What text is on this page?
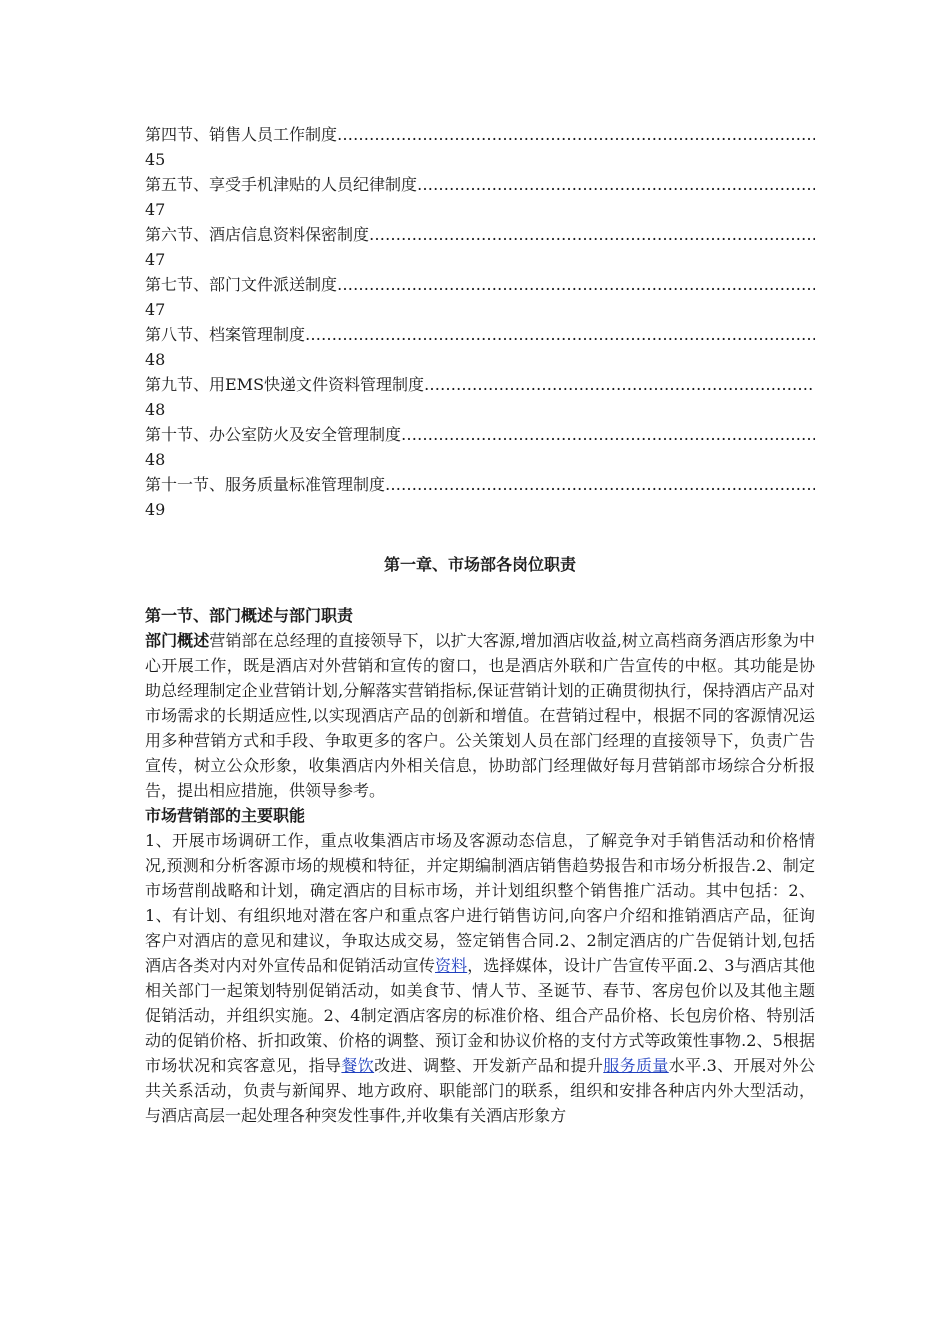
第四节、销售人员工作制度
……………………………………………………………………………………………………………………………………
45
第五节、享受手机津贴的人员纪律制度
……………………………………………………………………………………………………………………………………
47
第六节、酒店信息资料保密制度
……………………………………………………………………………………………………………………………………
47
第七节、部门文件派送制度
……………………………………………………………………………………………………………………………………
47
第八节、档案管理制度
……………………………………………………………………………………………………………………………………
48
第九节、用EMS快递文件资料管理制度
……………………………………………………………………………………………………………………………………
48
第十节、办公室防火及安全管理制度
……………………………………………………………………………………………………………………………………
48
第十一节、服务质量标准管理制度
……………………………………………………………………………………………………………………………………
49
第一章、市场部各岗位职责
第一节、部门概述与部门职责

部门概述营销部在总经理的直接领导下，以扩大客源,增加酒店收益,树立高档商务酒店形象为中心开展工作，既是酒店对外营销和宣传的窗口，也是酒店外联和广告宣传的中枢。其功能是协助总经理制定企业营销计划,分解落实营销指标,保证营销计划的正确贯彻执行，保持酒店产品对市场需求的长期适应性,以实现酒店产品的创新和增值。在营销过程中，根据不同的客源情况运用多种营销方式和手段、争取更多的客户。公关策划人员在部门经理的直接领导下，负责广告宣传，树立公众形象，收集酒店内外相关信息，协助部门经理做好每月营销部市场综合分析报告，提出相应措施，供领导参考。

市场营销部的主要职能

1、开展市场调研工作，重点收集酒店市场及客源动态信息，了解竞争对手销售活动和价格情况,预测和分析客源市场的规模和特征，并定期编制酒店销售趋势报告和市场分析报告.2、制定市场营削战略和计划，确定酒店的目标市场，并计划组织整个销售推广活动。其中包括：2、1、有计划、有组织地对潜在客户和重点客户进行销售访问,向客户介绍和推销酒店产品，征询客户对酒店的意见和建议，争取达成交易，签定销售合同.2、2制定酒店的广告促销计划,包括酒店各类对内对外宣传品和促销活动宣传资料，选择媒体，设计广告宣传平面.2、3与酒店其他相关部门一起策划特别促销活动，如美食节、情人节、圣诞节、春节、客房包价以及其他主题促销活动，并组织实施。2、4制定酒店客房的标准价格、组合产品价格、长包房价格、特别活动的促销价格、折扣政策、价格的调整、预订金和协议价格的支付方式等政策性事物.2、5根据市场状况和宾客意见，指导餐饮改进、调整、开发新产品和提升服务质量水平.3、开展对外公共关系活动，负责与新闻界、地方政府、职能部门的联系，组织和安排各种店内外大型活动，与酒店高层一起处理各种突发性事件,并收集有关酒店形象方
